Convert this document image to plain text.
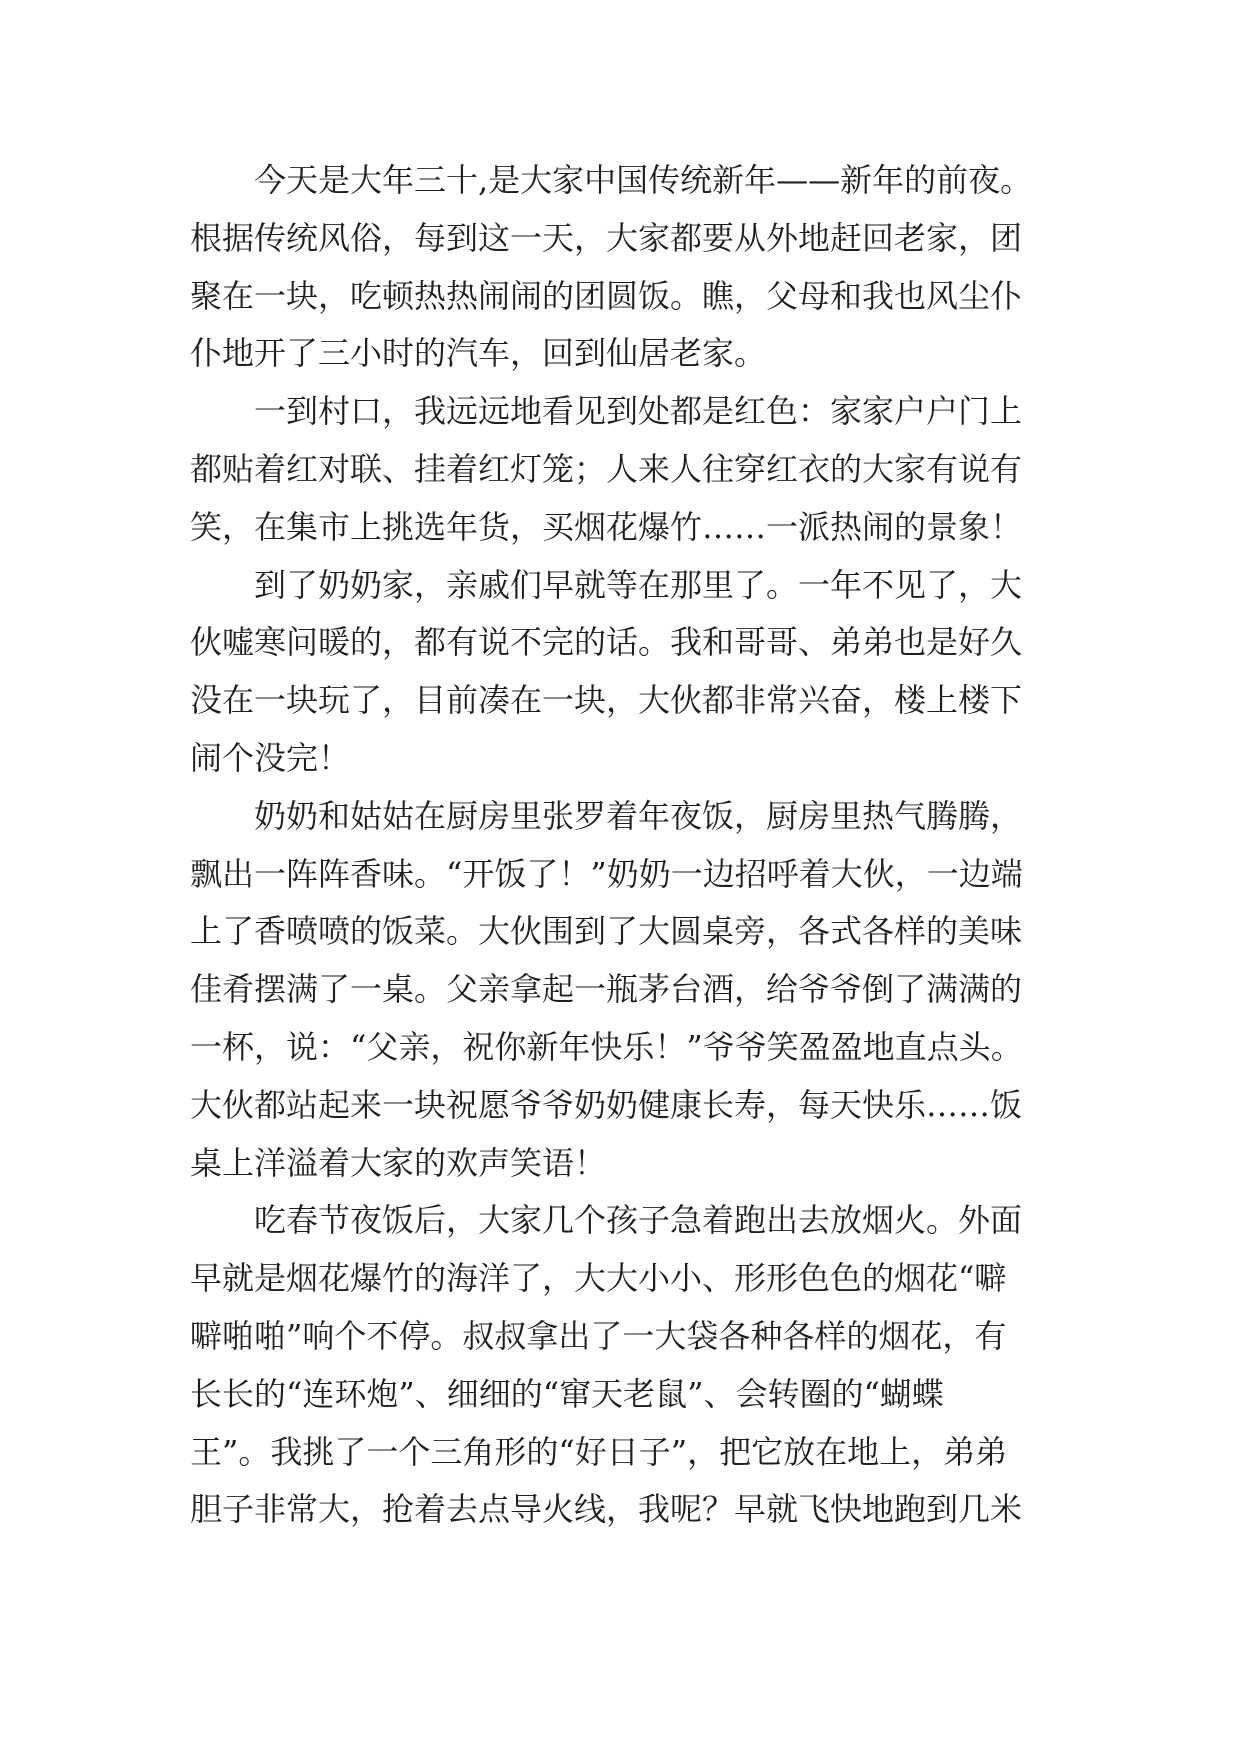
今天是大年三十,是大家中国传统新年——新年的前夜。
根据传统风俗，每到这一天，大家都要从外地赶回老家，团
聚在一块，吃顿热热闹闹的团圆饭。瞧，父母和我也风尘仆
仆地开了三小时的汽车，回到仙居老家。
一到村口，我远远地看见到处都是红色：家家户户门上
都贴着红对联、挂着红灯笼；人来人往穿红衣的大家有说有
笑，在集市上挑选年货，买烟花爆竹……一派热闹的景象！
到了奶奶家，亲戚们早就等在那里了。一年不见了，大
伙嘘寒问暖的，都有说不完的话。我和哥哥、弟弟也是好久
没在一块玩了，目前凑在一块，大伙都非常兴奋，楼上楼下
闹个没完！
奶奶和姑姑在厨房里张罗着年夜饭，厨房里热气腾腾，
飘出一阵阵香味。“开饭了！”奶奶一边招呼着大伙，一边端
上了香喷喷的饭菜。大伙围到了大圆桌旁，各式各样的美味
佳肴摆满了一桌。父亲拿起一瓶茅台酒，给爷爷倒了满满的
一杯，说：“父亲，祝你新年快乐！”爷爷笑盈盈地直点头。
大伙都站起来一块祝愿爷爷奶奶健康长寿，每天快乐……饭
桌上洋溢着大家的欢声笑语！
吃春节夜饭后，大家几个孩子急着跑出去放烟火。外面
早就是烟花爆竹的海洋了，大大小小、形形色色的烟花“噼
噼啪啪”响个不停。叔叔拿出了一大袋各种各样的烟花，有
长长的“连环炮”、细细的“窜天老鼠”、会转圈的“蝴蝶
王”。我挑了一个三角形的“好日子”，把它放在地上，弟弟
胆子非常大，抢着去点导火线，我呢？早就飞快地跑到几米
